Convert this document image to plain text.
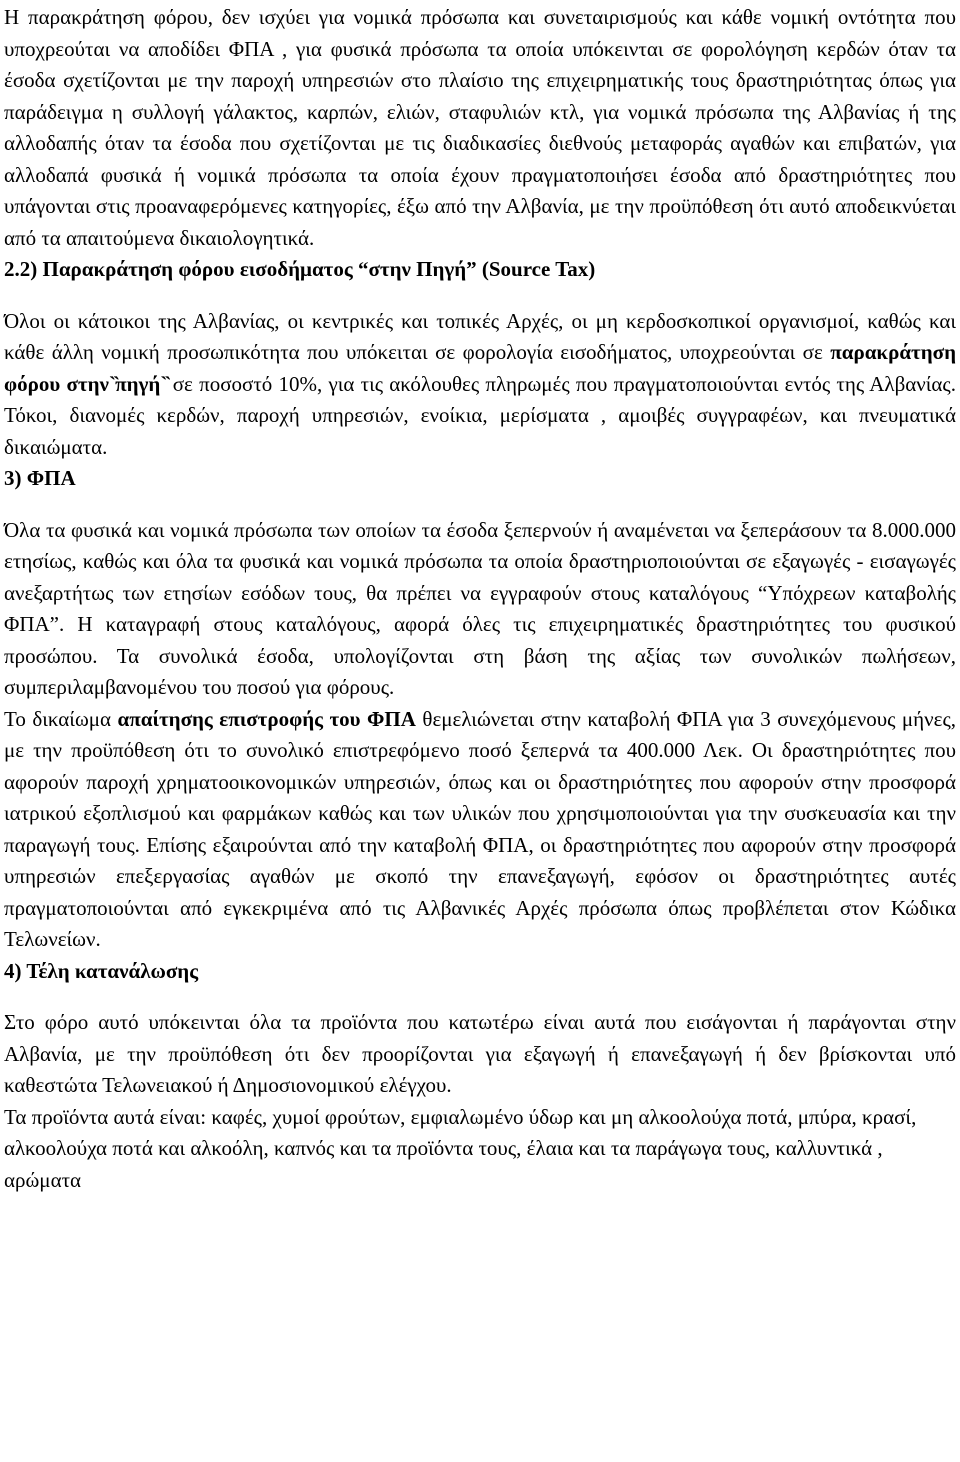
Η παρακράτηση φόρου, δεν ισχύει για νομικά πρόσωπα και συνεταιρισμούς και κάθε νομική οντότητα που υποχρεούται να αποδίδει ΦΠΑ , για φυσικά πρόσωπα τα οποία υπόκεινται σε φορολόγηση κερδών όταν τα έσοδα σχετίζονται με την παροχή υπηρεσιών στο πλαίσιο της επιχειρηματικής τους δραστηριότητας όπως για παράδειγμα η συλλογή γάλακτος, καρπών, ελιών, σταφυλιών κτλ, για νομικά πρόσωπα της Αλβανίας ή της αλλοδαπής όταν τα έσοδα που σχετίζονται με τις διαδικασίες διεθνούς μεταφοράς αγαθών και επιβατών, για αλλοδαπά φυσικά ή νομικά πρόσωπα τα οποία έχουν πραγματοποιήσει έσοδα από δραστηριότητες που υπάγονται στις προαναφερόμενες κατηγορίες, έξω από την Αλβανία, με την προϋπόθεση ότι αυτό αποδεικνύεται από τα απαιτούμενα δικαιολογητικά.

2.2) Παρακράτηση φόρου εισοδήματος “στην Πηγή” (Source Tax)

Όλοι οι κάτοικοι της Αλβανίας, οι κεντρικές και τοπικές Αρχές, οι μη κερδοσκοπικοί οργανισμοί, καθώς και κάθε άλλη νομική προσωπικότητα που υπόκειται σε φορολογία εισοδήματος, υποχρεούνται σε παρακράτηση φόρου στην ̏πηγή ̏ σε ποσοστό 10%, για τις ακόλουθες πληρωμές που πραγματοποιούνται εντός της Αλβανίας. Τόκοι, διανομές κερδών, παροχή υπηρεσιών, ενοίκια, μερίσματα , αμοιβές συγγραφέων, και πνευματικά δικαιώματα.

3) ΦΠΑ

Όλα τα φυσικά και νομικά πρόσωπα των οποίων τα έσοδα ξεπερνούν ή αναμένεται να ξεπεράσουν τα 8.000.000 ετησίως, καθώς και όλα τα φυσικά και νομικά πρόσωπα τα οποία δραστηριοποιούνται σε εξαγωγές - εισαγωγές ανεξαρτήτως των ετησίων εσόδων τους, θα πρέπει να εγγραφούν στους καταλόγους “Υπόχρεων καταβολής ΦΠΑ”. Η καταγραφή στους καταλόγους, αφορά όλες τις επιχειρηματικές δραστηριότητες του φυσικού προσώπου. Τα συνολικά έσοδα, υπολογίζονται στη βάση της αξίας των συνολικών πωλήσεων, συμπεριλαμβανομένου του ποσού για φόρους.

Το δικαίωμα απαίτησης επιστροφής του ΦΠΑ θεμελιώνεται στην καταβολή ΦΠΑ για 3 συνεχόμενους μήνες, με την προϋπόθεση ότι το συνολικό επιστρεφόμενο ποσό ξεπερνά τα 400.000 Λεκ. Οι δραστηριότητες που αφορούν παροχή χρηματοοικονομικών υπηρεσιών, όπως και οι δραστηριότητες που αφορούν στην προσφορά ιατρικού εξοπλισμού και φαρμάκων καθώς και των υλικών που χρησιμοποιούνται για την συσκευασία και την παραγωγή τους. Επίσης εξαιρούνται από την καταβολή ΦΠΑ, οι δραστηριότητες που αφορούν στην προσφορά υπηρεσιών επεξεργασίας αγαθών με σκοπό την επανεξαγωγή, εφόσον οι δραστηριότητες αυτές πραγματοποιούνται από εγκεκριμένα από τις Αλβανικές Αρχές πρόσωπα όπως προβλέπεται στον Κώδικα Τελωνείων.

4) Τέλη κατανάλωσης

Στο φόρο αυτό υπόκεινται όλα τα προϊόντα που κατωτέρω είναι αυτά που εισάγονται ή παράγονται στην Αλβανία, με την προϋπόθεση ότι δεν προορίζονται για εξαγωγή ή επανεξαγωγή ή δεν βρίσκονται υπό καθεστώτα Τελωνειακού ή Δημοσιονομικού ελέγχου.

Τα προϊόντα αυτά είναι: καφές, χυμοί φρούτων, εμφιαλωμένο ύδωρ και μη αλκοολούχα ποτά, μπύρα, κρασί, αλκοολούχα ποτά και αλκοόλη, καπνός και τα προϊόντα τους, έλαια και τα παράγωγα τους, καλλυντικά , αρώματα
